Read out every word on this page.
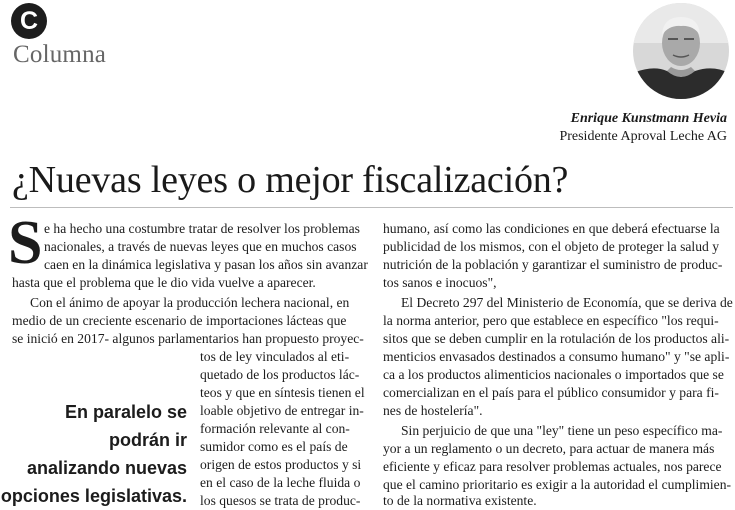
C
Columna
Enrique Kunstmann Hevia
Presidente Aproval Leche AG
¿Nuevas leyes o mejor fiscalización?
S e ha hecho una costumbre tratar de resolver los problemas
nacionales, a través de nuevas leyes que en muchos casos
caen en la dinámica legislativa y pasan los años sin avanzar
hasta que el problema que le dio vida vuelve a aparecer.
Con el ánimo de apoyar la producción lechera nacional, en
medio de un creciente escenario de importaciones lácteas que
se inició en 2017- algunos parlamentarios han propuesto proyec-
tos de ley vinculados al eti-
quetado de los productos lác-
teos y que en síntesis tienen el
loable objetivo de entregar in-
formación relevante al con-
sumidor como es el país de
origen de estos productos y si
en el caso de la leche fluida o
los quesos se trata de produc-
En paralelo se
podrán ir
analizando nuevas
opciones legislativas.
humano, así como las condiciones en que deberá efectuarse la
publicidad de los mismos, con el objeto de proteger la salud y
nutrición de la población y garantizar el suministro de produc-
tos sanos e inocuos",
El Decreto 297 del Ministerio de Economía, que se deriva de
la norma anterior, pero que establece en específico "los requi-
sitos que se deben cumplir en la rotulación de los productos ali-
menticios envasados destinados a consumo humano" y "se apli-
ca a los productos alimenticios nacionales o importados que se
comercializan en el país para el público consumidor y para fi-
nes de hostelería".
Sin perjuicio de que una "ley" tiene un peso específico ma-
yor a un reglamento o un decreto, para actuar de manera más
eficiente y eficaz para resolver problemas actuales, nos parece
que el camino prioritario es exigir a la autoridad el cumplimien-
to de la normativa existente.
